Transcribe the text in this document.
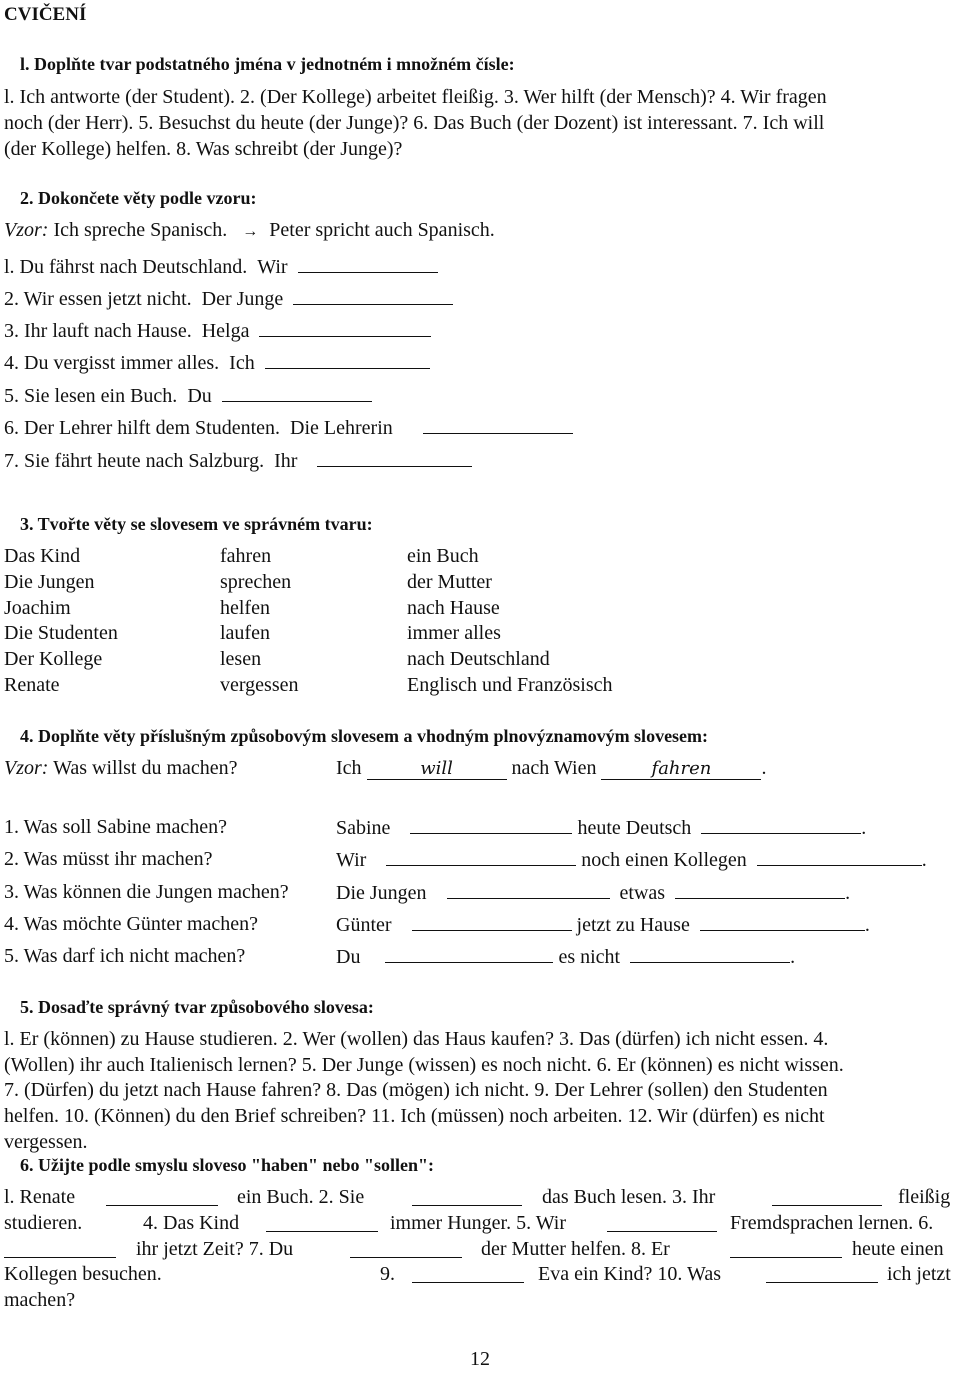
CVIČENÍ
l. Doplňte tvar podstatného jména v jednotném i množném čísle:
l. Ich antworte (der Student). 2. (Der Kollege) arbeitet fleißig. 3. Wer hilft (der Mensch)? 4. Wir fragen
noch (der Herr). 5. Besuchst du heute (der Junge)? 6. Das Buch (der Dozent) ist interessant. 7. Ich will
(der Kollege) helfen. 8. Was schreibt (der Junge)?
2. Dokončete věty podle vzoru:
Vzor: Ich spreche Spanisch. → Peter spricht auch Spanisch.
l. Du fährst nach Deutschland. Wir
2. Wir essen jetzt nicht. Der Junge
3. Ihr lauft nach Hause. Helga
4. Du vergisst immer alles. Ich
5. Sie lesen ein Buch. Du
6. Der Lehrer hilft dem Studenten. Die Lehrerin
7. Sie fährt heute nach Salzburg. Ihr
3. Tvořte věty se slovesem ve správném tvaru:
Das Kind	fahren	ein Buch
Die Jungen	sprechen	der Mutter
Joachim	helfen	nach Hause
Die Studenten	laufen	immer alles
Der Kollege	lesen	nach Deutschland
Renate	vergessen	Englisch und Französisch
4. Doplňte věty příslušným způsobovým slovesem a vhodným plnovýznamovým slovesem:
Vzor: Was willst du machen?	Ich	will	nach Wien	fahren	.
1. Was soll Sabine machen?	Sabine	heute Deutsch	.
2. Was müsst ihr machen?	Wir	noch einen Kollegen	.
3. Was können die Jungen machen? Die Jungen	etwas	.
4. Was möchte Günter machen?	Günter	jetzt zu Hause	.
5. Was darf ich nicht machen?	Du	es nicht	.
5. Dosaďte správný tvar způsobového slovesa:
l. Er (können) zu Hause studieren. 2. Wer (wollen) das Haus kaufen? 3. Das (dürfen) ich nicht essen. 4.
(Wollen) ihr auch Italienisch lernen? 5. Der Junge (wissen) es noch nicht. 6. Er (können) es nicht wissen.
7. (Dürfen) du jetzt nach Hause fahren? 8. Das (mögen) ich nicht. 9. Der Lehrer (sollen) den Studenten
helfen. 10. (Können) du den Brief schreiben? 11. Ich (müssen) noch arbeiten. 12. Wir (dürfen) es nicht
vergessen.
6. Užijte podle smyslu sloveso "haben" nebo "sollen":
l. Renate	ein Buch. 2. Sie	das Buch lesen. 3. Ihr	fleißig
studieren.	4. Das Kind	immer Hunger. 5. Wir	Fremdsprachen lernen. 6.
ihr jetzt Zeit? 7. Du	der Mutter helfen. 8. Er	heute einen
Kollegen besuchen.	9.	Eva ein Kind? 10. Was	ich jetzt
machen?
12
